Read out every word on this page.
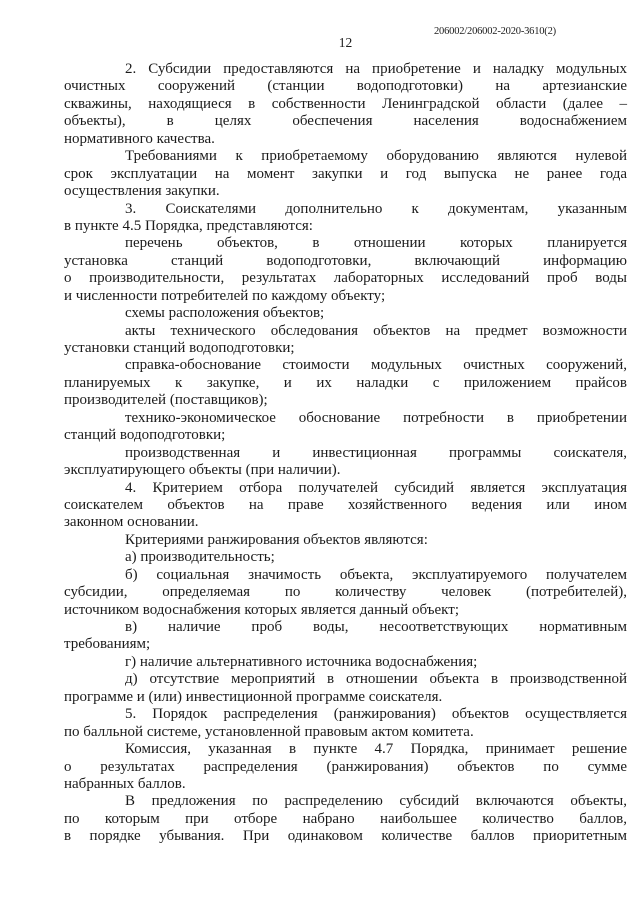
206002/206002-2020-3610(2)
12

2. Субсидии предоставляются на приобретение и наладку модульных
очистных сооружений (станции водоподготовки) на артезианские
скважины, находящиеся в собственности Ленинградской области (далее –
объекты), в целях обеспечения населения водоснабжением
нормативного качества.

Требованиями к приобретаемому оборудованию являются нулевой
срок эксплуатации на момент закупки и год выпуска не ранее года
осуществления закупки.

3. Соискателями дополнительно к документам, указанным
в пункте 4.5 Порядка, представляются:

перечень объектов, в отношении которых планируется
установка станций водоподготовки, включающий информацию
о производительности, результатах лабораторных исследований проб воды
и численности потребителей по каждому объекту;

схемы расположения объектов;

акты технического обследования объектов на предмет возможности
установки станций водоподготовки;

справка-обоснование стоимости модульных очистных сооружений,
планируемых к закупке, и их наладки с приложением прайсов
производителей (поставщиков);

технико-экономическое обоснование потребности в приобретении
станций водоподготовки;

производственная и инвестиционная программы соискателя,
эксплуатирующего объекты (при наличии).

4. Критерием отбора получателей субсидий является эксплуатация
соискателем объектов на праве хозяйственного ведения или ином
законном основании.

Критериями ранжирования объектов являются:

а) производительность;

б) социальная значимость объекта, эксплуатируемого получателем
субсидии, определяемая по количеству человек (потребителей),
источником водоснабжения которых является данный объект;

в) наличие проб воды, несоответствующих нормативным
требованиям;

г) наличие альтернативного источника водоснабжения;

д) отсутствие мероприятий в отношении объекта в производственной
программе и (или) инвестиционной программе соискателя.

5. Порядок распределения (ранжирования) объектов осуществляется
по балльной системе, установленной правовым актом комитета.

Комиссия, указанная в пункте 4.7 Порядка, принимает решение
о результатах распределения (ранжирования) объектов по сумме
набранных баллов.

В предложения по распределению субсидий включаются объекты,
по которым при отборе набрано наибольшее количество баллов,
в порядке убывания. При одинаковом количестве баллов приоритетным
